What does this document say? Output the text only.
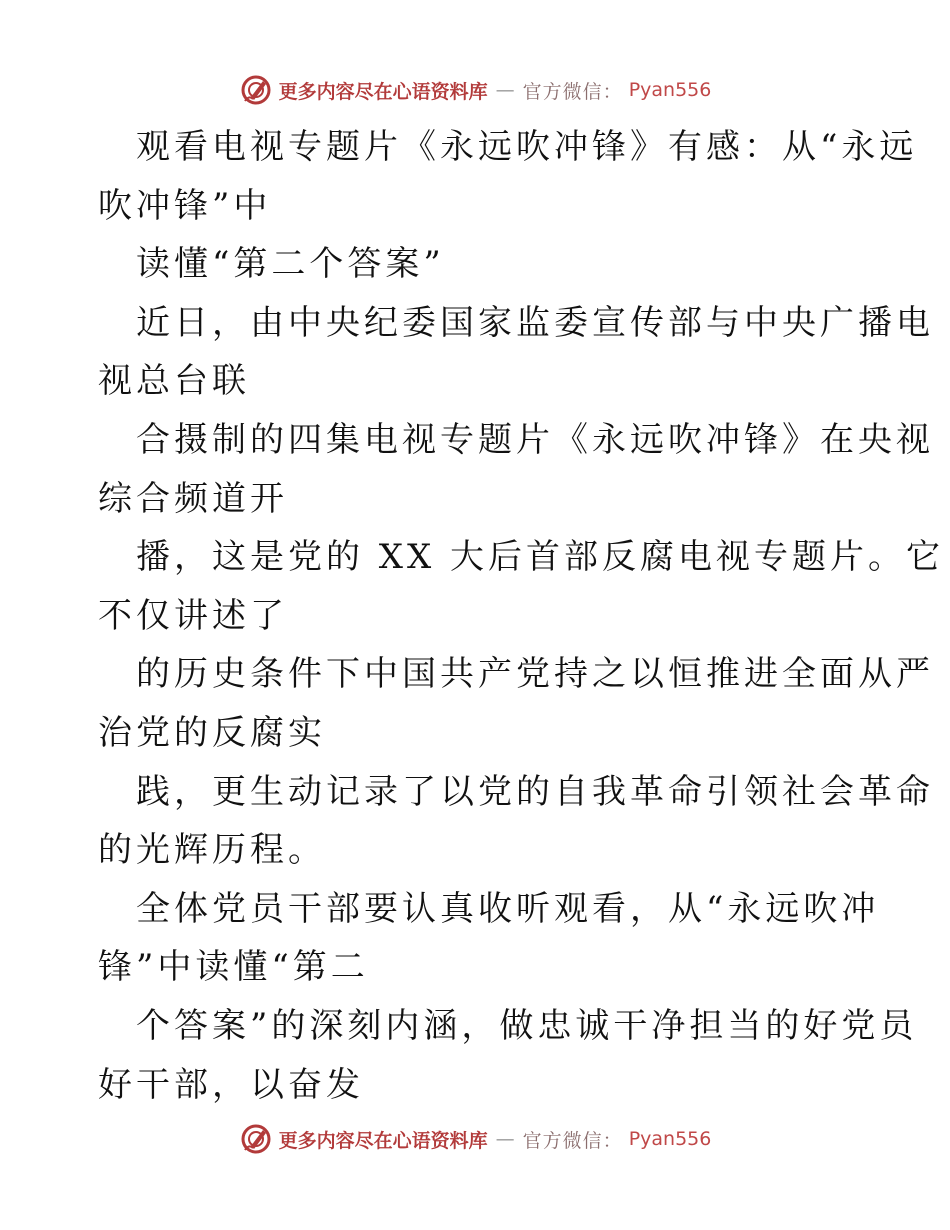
更多内容尽在心语资料库 — 官方微信： Pyan556
观看电视专题片《永远吹冲锋》有感：从“永远
吹冲锋”中
读懂“第二个答案”
近日，由中央纪委国家监委宣传部与中央广播电
视总台联
合摄制的四集电视专题片《永远吹冲锋》在央视
综合频道开
播，这是党的 XX 大后首部反腐电视专题片。它
不仅讲述了
的历史条件下中国共产党持之以恒推进全面从严
治党的反腐实
践，更生动记录了以党的自我革命引领社会革命
的光辉历程。
全体党员干部要认真收听观看，从“永远吹冲
锋”中读懂“第二
个答案”的深刻内涵，做忠诚干净担当的好党员
好干部，以奋发
更多内容尽在心语资料库 — 官方微信： Pyan556
